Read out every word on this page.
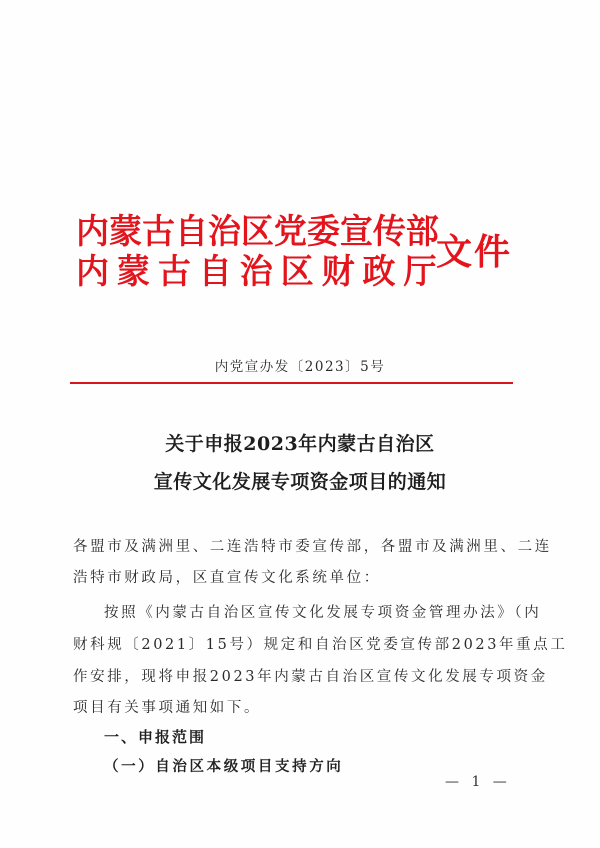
内蒙古自治区党委宣传部
内蒙古自治区财政厅
文件
内党宣办发〔2023〕5号
关于申报2023年内蒙古自治区
宣传文化发展专项资金项目的通知
各盟市及满洲里、二连浩特市委宣传部，各盟市及满洲里、二连
浩特市财政局，区直宣传文化系统单位：
按照《内蒙古自治区宣传文化发展专项资金管理办法》（内
财科规〔2021〕15号）规定和自治区党委宣传部2023年重点工
作安排，现将申报2023年内蒙古自治区宣传文化发展专项资金
项目有关事项通知如下。
一、申报范围
（一）自治区本级项目支持方向
— 1 —
